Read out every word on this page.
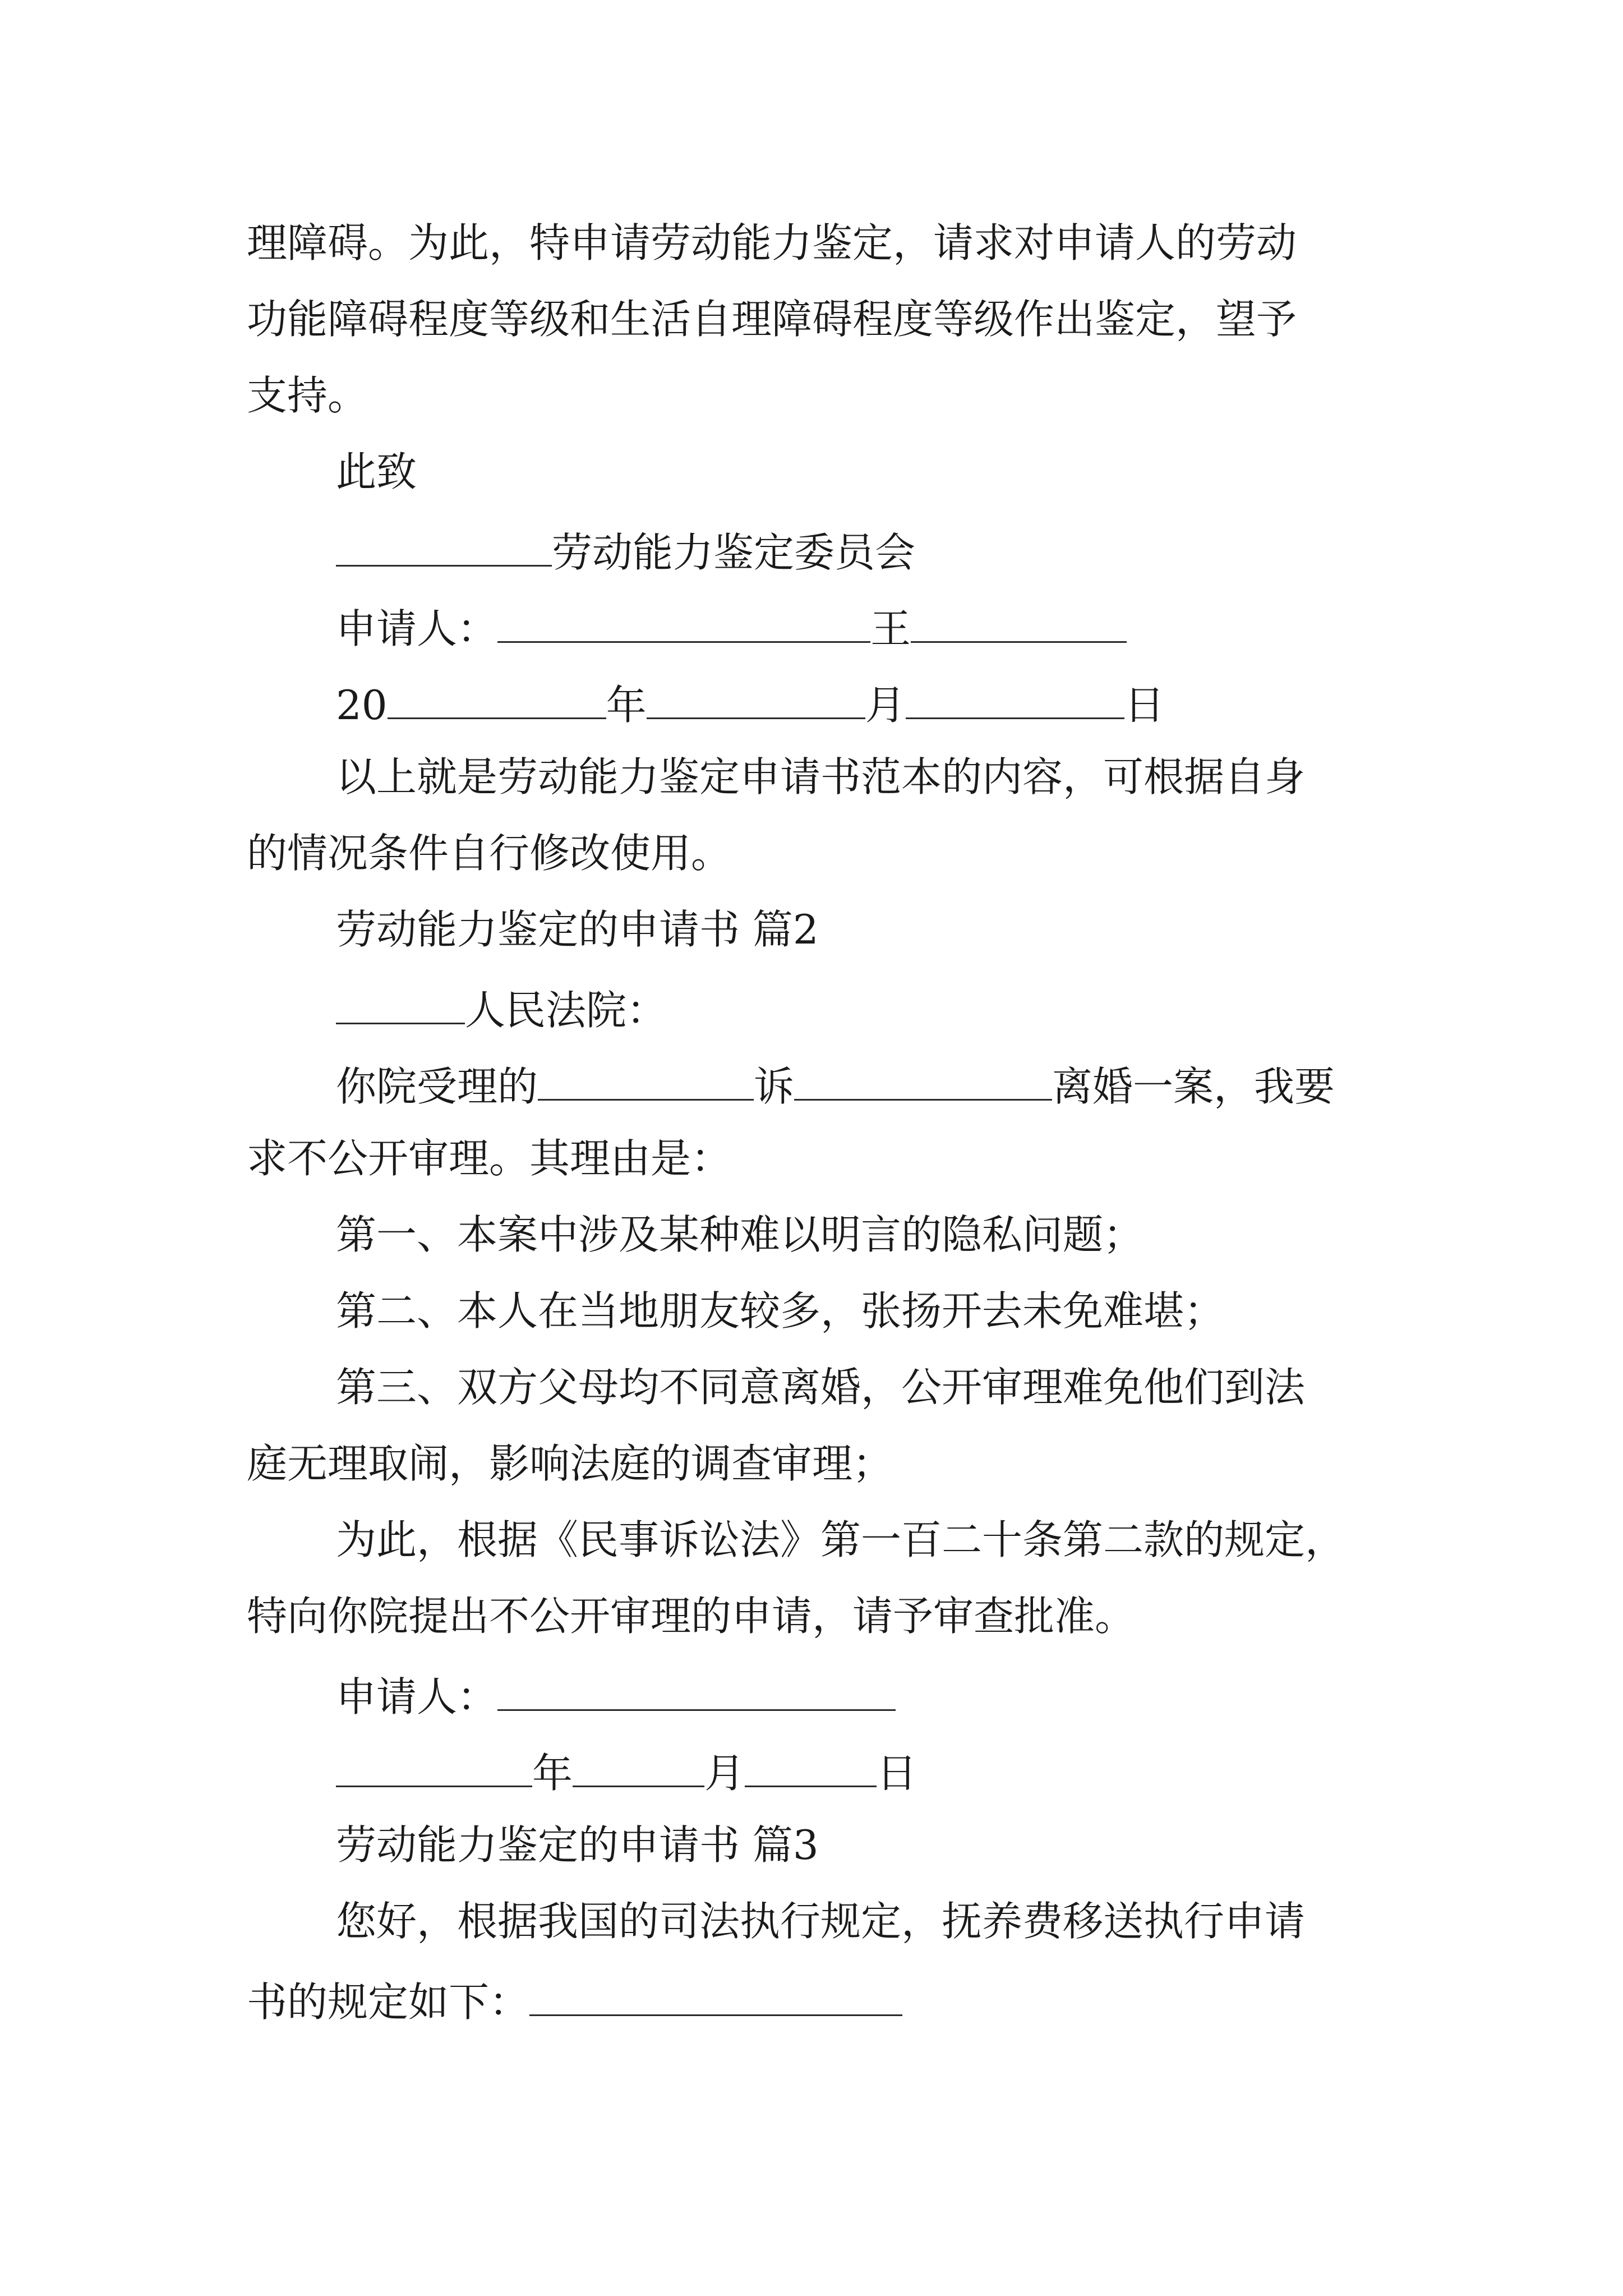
理障碍。为此，特申请劳动能力鉴定，请求对申请人的劳动
功能障碍程度等级和生活自理障碍程度等级作出鉴定，望予
支持。
此致
劳动能力鉴定委员会
申请人：	王
20	年	月	日
以上就是劳动能力鉴定申请书范本的内容，可根据自身
的情况条件自行修改使用。
劳动能力鉴定的申请书 篇2
人民法院：
你院受理的	诉	离婚一案，我要
求不公开审理。其理由是：
第一、本案中涉及某种难以明言的隐私问题；
第二、本人在当地朋友较多，张扬开去未免难堪；
第三、双方父母均不同意离婚，公开审理难免他们到法
庭无理取闹，影响法庭的调查审理；
为此，根据《民事诉讼法》第一百二十条第二款的规定，
特向你院提出不公开审理的申请，请予审查批准。
申请人：
年	月	日
劳动能力鉴定的申请书 篇3
您好，根据我国的司法执行规定，抚养费移送执行申请
书的规定如下：
